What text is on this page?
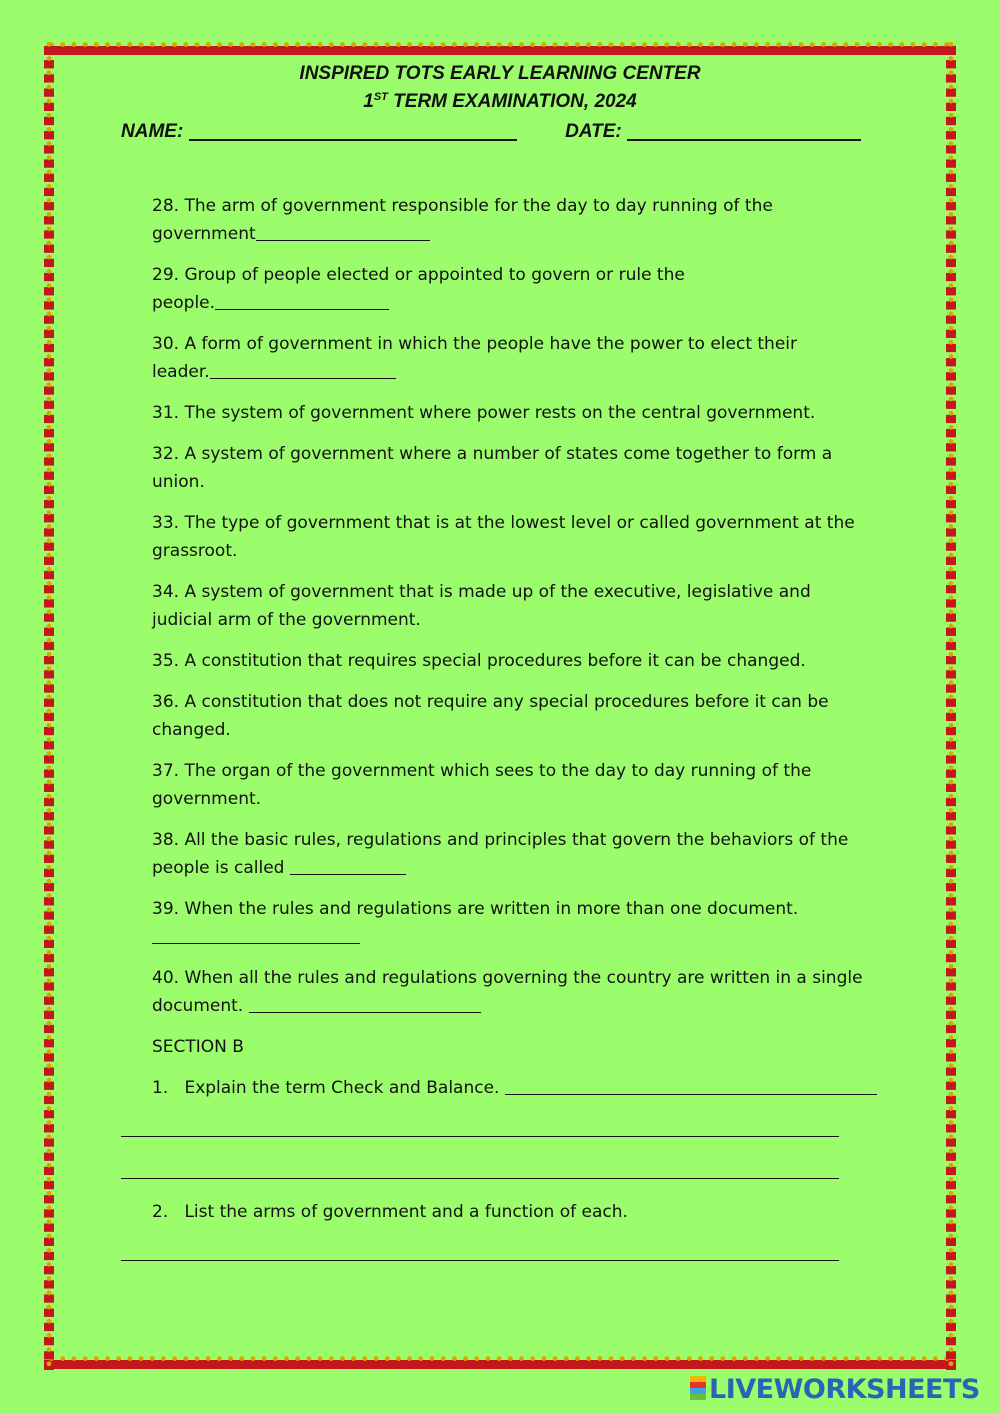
INSPIRED TOTS EARLY LEARNING CENTER
1ST TERM EXAMINATION, 2024
NAME:	DATE:
28. The arm of government responsible for the day to day running of the
government
29. Group of people elected or appointed to govern or rule the
people.
30. A form of government in which the people have the power to elect their
leader.
31. The system of government where power rests on the central government.
32. A system of government where a number of states come together to form a
union.
33. The type of government that is at the lowest level or called government at the
grassroot.
34. A system of government that is made up of the executive, legislative and
judicial arm of the government.
35. A constitution that requires special procedures before it can be changed.
36. A constitution that does not require any special procedures before it can be
changed.
37. The organ of the government which sees to the day to day running of the
government.
38. All the basic rules, regulations and principles that govern the behaviors of the
people is called
39. When the rules and regulations are written in more than one document.
40. When all the rules and regulations governing the country are written in a single
document.
SECTION B
1. Explain the term Check and Balance.
2. List the arms of government and a function of each.
LIVEWORKSHEETS
